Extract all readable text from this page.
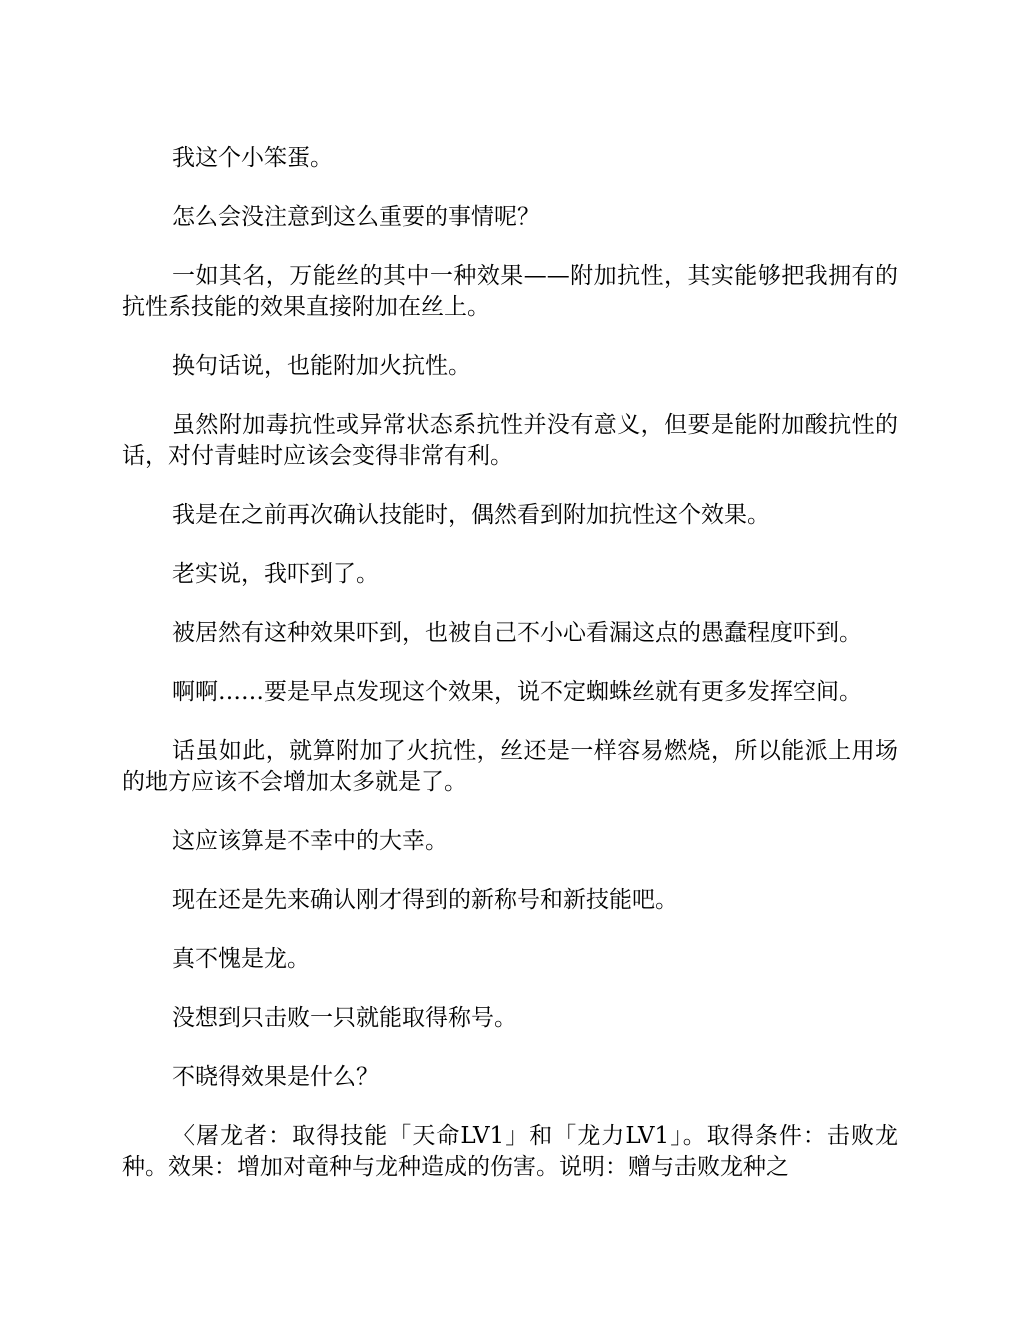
我这个小笨蛋。

怎么会没注意到这么重要的事情呢？

一如其名，万能丝的其中一种效果——附加抗性，其实能够把我拥有的抗性系技能的效果直接附加在丝上。

换句话说，也能附加火抗性。

虽然附加毒抗性或异常状态系抗性并没有意义，但要是能附加酸抗性的话，对付青蛙时应该会变得非常有利。

我是在之前再次确认技能时，偶然看到附加抗性这个效果。

老实说，我吓到了。

被居然有这种效果吓到，也被自己不小心看漏这点的愚蠢程度吓到。

啊啊……要是早点发现这个效果，说不定蜘蛛丝就有更多发挥空间。

话虽如此，就算附加了火抗性，丝还是一样容易燃烧，所以能派上用场的地方应该不会增加太多就是了。

这应该算是不幸中的大幸。

现在还是先来确认刚才得到的新称号和新技能吧。

真不愧是龙。

没想到只击败一只就能取得称号。

不晓得效果是什么？

〈屠龙者：取得技能「天命LV1」和「龙力LV1」。取得条件：击败龙种。效果：增加对竜种与龙种造成的伤害。说明：赠与击败龙种之
